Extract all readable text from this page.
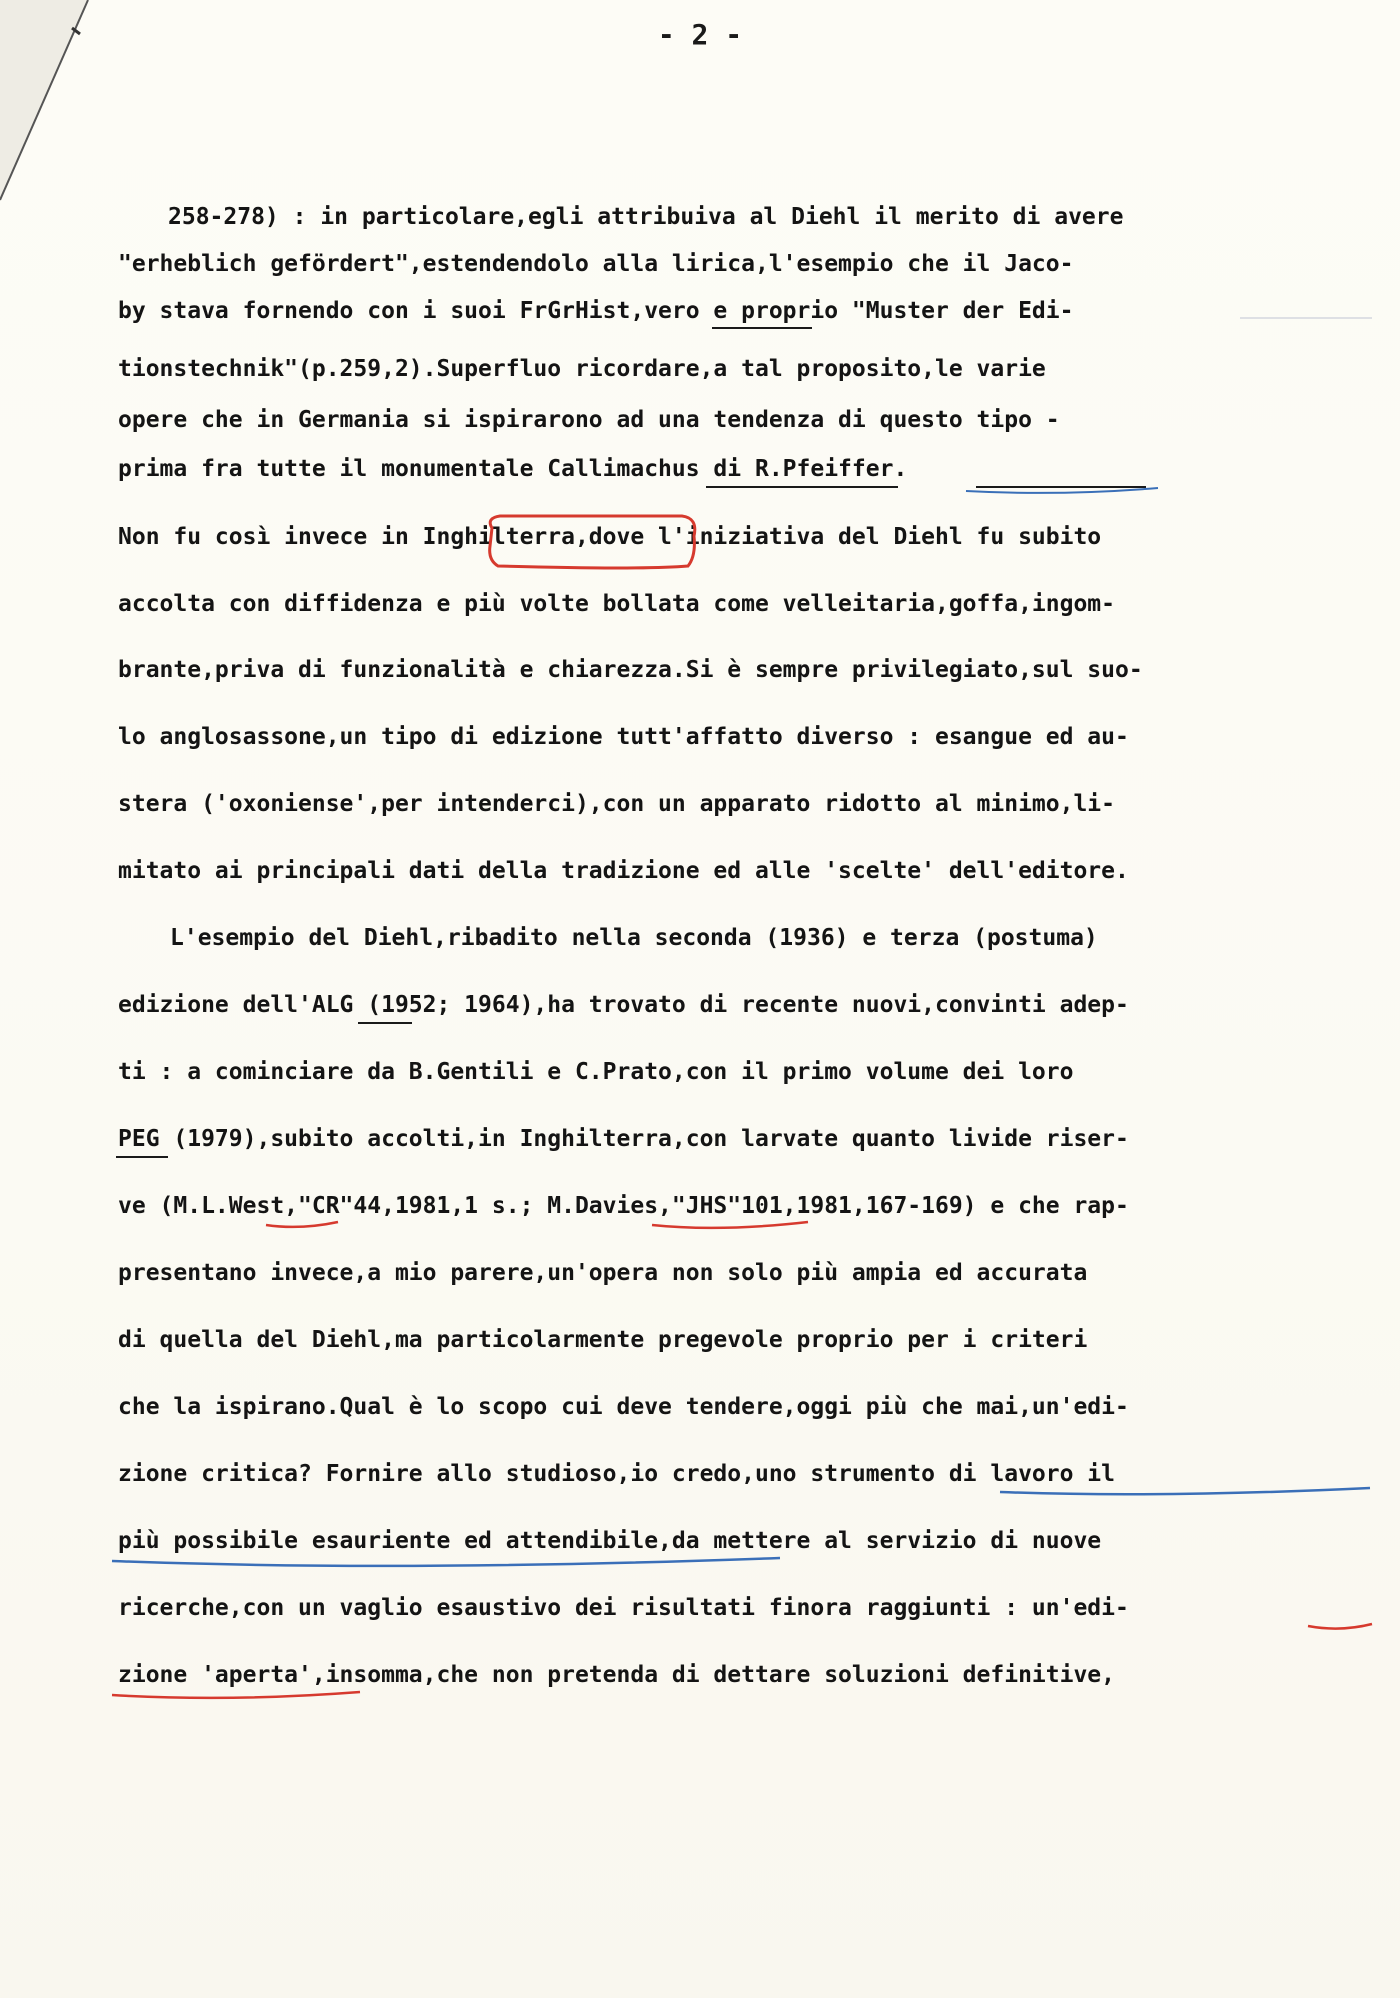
- 2 -
258-278) : in particolare,egli attribuiva al Diehl il merito di avere
"erheblich gefördert",estendendolo alla lirica,l'esempio che il Jaco-
by stava fornendo con i suoi FrGrHist,vero e proprio "Muster der Edi-
tionstechnik"(p.259,2).Superfluo ricordare,a tal proposito,le varie
opere che in Germania si ispirarono ad una tendenza di questo tipo -
prima fra tutte il monumentale Callimachus di R.Pfeiffer.
Non fu così invece in Inghilterra,dove l'iniziativa del Diehl fu subito
accolta con diffidenza e più volte bollata come velleitaria,goffa,ingom-
brante,priva di funzionalità e chiarezza.Si è sempre privilegiato,sul suo-
lo anglosassone,un tipo di edizione tutt'affatto diverso : esangue ed au-
stera ('oxoniense',per intenderci),con un apparato ridotto al minimo,li-
mitato ai principali dati della tradizione ed alle 'scelte' dell'editore.
L'esempio del Diehl,ribadito nella seconda (1936) e terza (postuma)
edizione dell'ALG (1952; 1964),ha trovato di recente nuovi,convinti adep-
ti : a cominciare da B.Gentili e C.Prato,con il primo volume dei loro
PEG (1979),subito accolti,in Inghilterra,con larvate quanto livide riser-
ve (M.L.West,"CR"44,1981,1 s.; M.Davies,"JHS"101,1981,167-169) e che rap-
presentano invece,a mio parere,un'opera non solo più ampia ed accurata
di quella del Diehl,ma particolarmente pregevole proprio per i criteri
che la ispirano.Qual è lo scopo cui deve tendere,oggi più che mai,un'edi-
zione critica? Fornire allo studioso,io credo,uno strumento di lavoro il
più possibile esauriente ed attendibile,da mettere al servizio di nuove
ricerche,con un vaglio esaustivo dei risultati finora raggiunti : un'edi-
zione 'aperta',insomma,che non pretenda di dettare soluzioni definitive,
